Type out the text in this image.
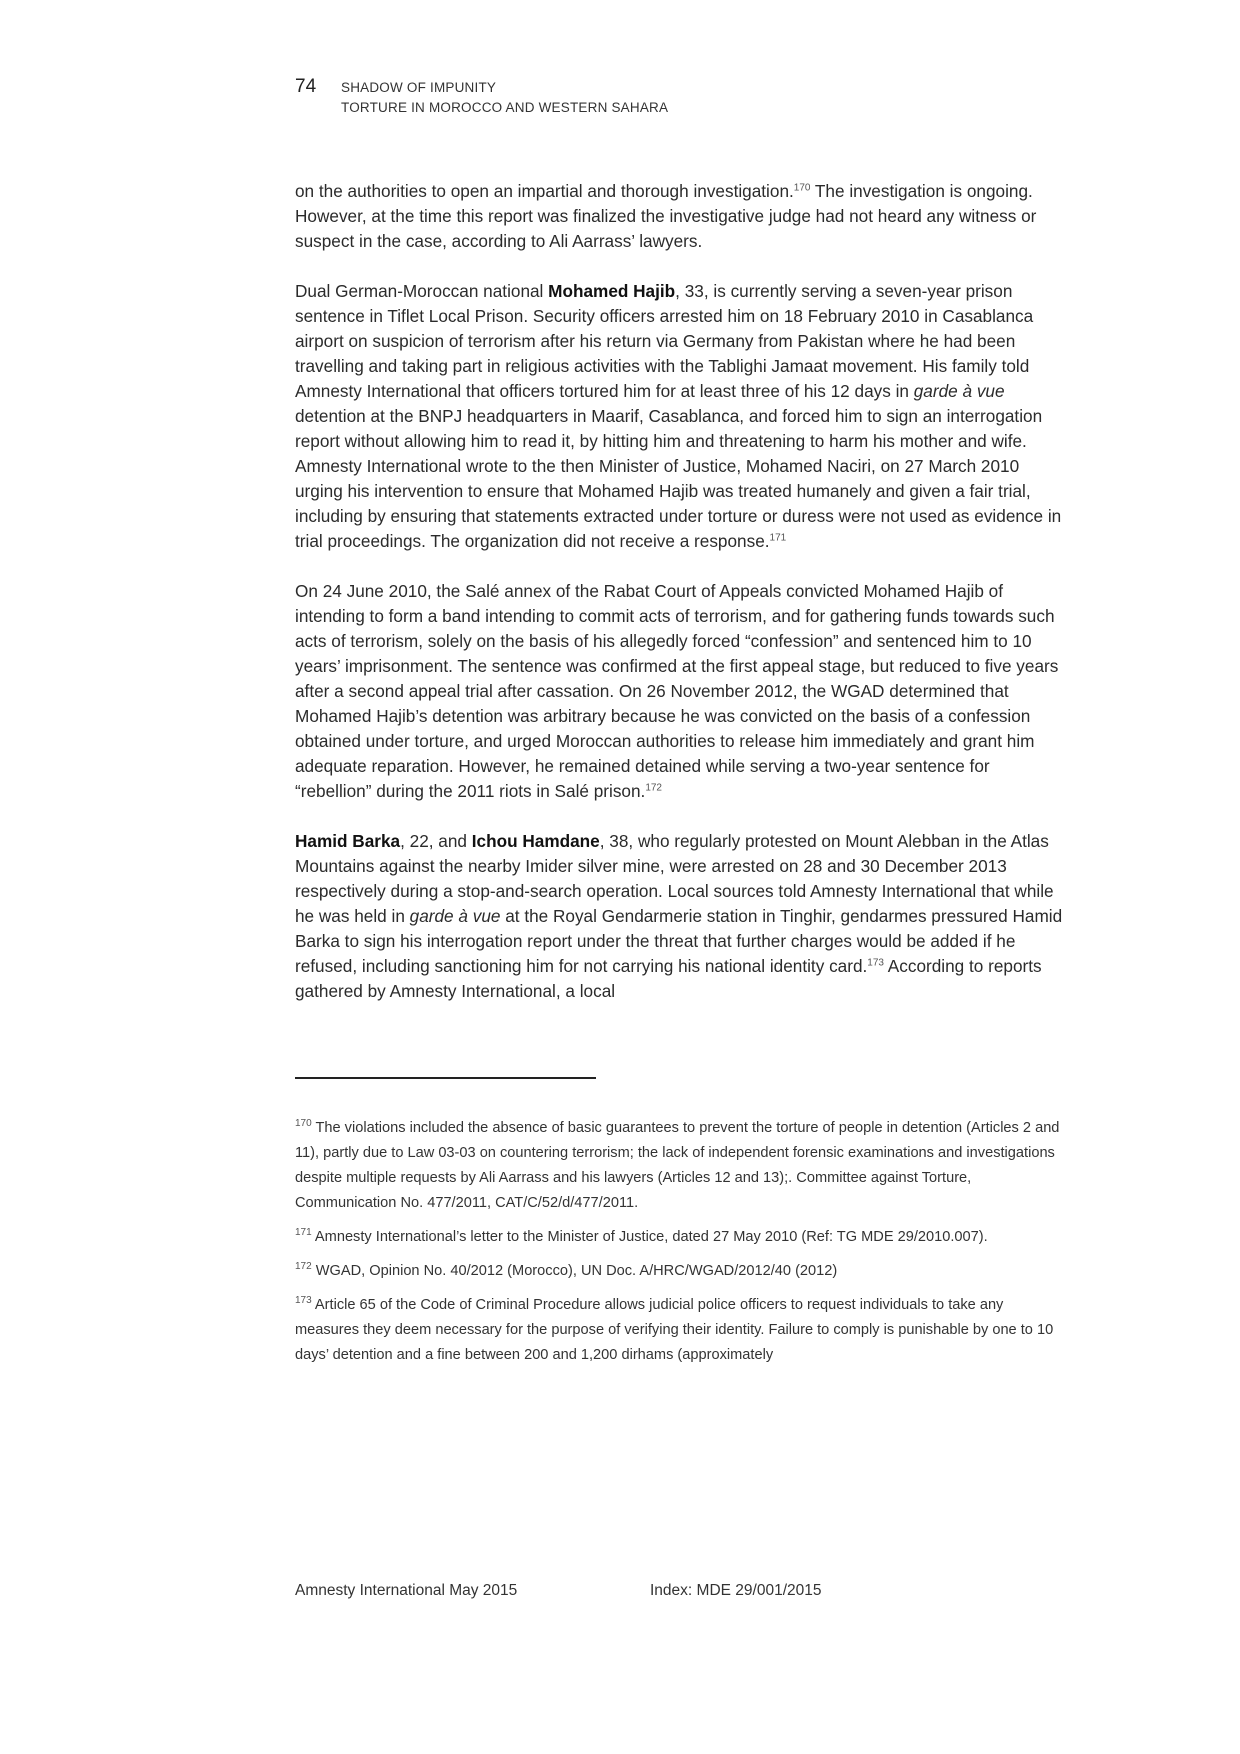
74 SHADOW OF IMPUNITY
TORTURE IN MOROCCO AND WESTERN SAHARA

on the authorities to open an impartial and thorough investigation.$^{170}$ The investigation is ongoing. However, at the time this report was finalized the investigative judge had not heard any witness or suspect in the case, according to Ali Aarrass’ lawyers.

Dual German-Moroccan national Mohamed Hajib, 33, is currently serving a seven-year prison sentence in Tiflet Local Prison. Security officers arrested him on 18 February 2010 in Casablanca airport on suspicion of terrorism after his return via Germany from Pakistan where he had been travelling and taking part in religious activities with the Tablighi Jamaat movement. His family told Amnesty International that officers tortured him for at least three of his 12 days in garde à vue detention at the BNPJ headquarters in Maarif, Casablanca, and forced him to sign an interrogation report without allowing him to read it, by hitting him and threatening to harm his mother and wife. Amnesty International wrote to the then Minister of Justice, Mohamed Naciri, on 27 March 2010 urging his intervention to ensure that Mohamed Hajib was treated humanely and given a fair trial, including by ensuring that statements extracted under torture or duress were not used as evidence in trial proceedings. The organization did not receive a response.$^{171}$

On 24 June 2010, the Salé annex of the Rabat Court of Appeals convicted Mohamed Hajib of intending to form a band intending to commit acts of terrorism, and for gathering funds towards such acts of terrorism, solely on the basis of his allegedly forced “confession” and sentenced him to 10 years’ imprisonment. The sentence was confirmed at the first appeal stage, but reduced to five years after a second appeal trial after cassation. On 26 November 2012, the WGAD determined that Mohamed Hajib’s detention was arbitrary because he was convicted on the basis of a confession obtained under torture, and urged Moroccan authorities to release him immediately and grant him adequate reparation. However, he remained detained while serving a two-year sentence for “rebellion” during the 2011 riots in Salé prison.$^{172}$

Hamid Barka, 22, and Ichou Hamdane, 38, who regularly protested on Mount Alebban in the Atlas Mountains against the nearby Imider silver mine, were arrested on 28 and 30 December 2013 respectively during a stop-and-search operation. Local sources told Amnesty International that while he was held in garde à vue at the Royal Gendarmerie station in Tinghir, gendarmes pressured Hamid Barka to sign his interrogation report under the threat that further charges would be added if he refused, including sanctioning him for not carrying his national identity card.$^{173}$ According to reports gathered by Amnesty International, a local

$^{170}$ The violations included the absence of basic guarantees to prevent the torture of people in detention (Articles 2 and 11), partly due to Law 03-03 on countering terrorism; the lack of independent forensic examinations and investigations despite multiple requests by Ali Aarrass and his lawyers (Articles 12 and 13);. Committee against Torture, Communication No. 477/2011, CAT/C/52/d/477/2011.

$^{171}$ Amnesty International’s letter to the Minister of Justice, dated 27 May 2010 (Ref: TG MDE 29/2010.007).

$^{172}$ WGAD, Opinion No. 40/2012 (Morocco), UN Doc. A/HRC/WGAD/2012/40 (2012)

$^{173}$ Article 65 of the Code of Criminal Procedure allows judicial police officers to request individuals to take any measures they deem necessary for the purpose of verifying their identity. Failure to comply is punishable by one to 10 days’ detention and a fine between 200 and 1,200 dirhams (approximately

Amnesty International May 2015	Index: MDE 29/001/2015
